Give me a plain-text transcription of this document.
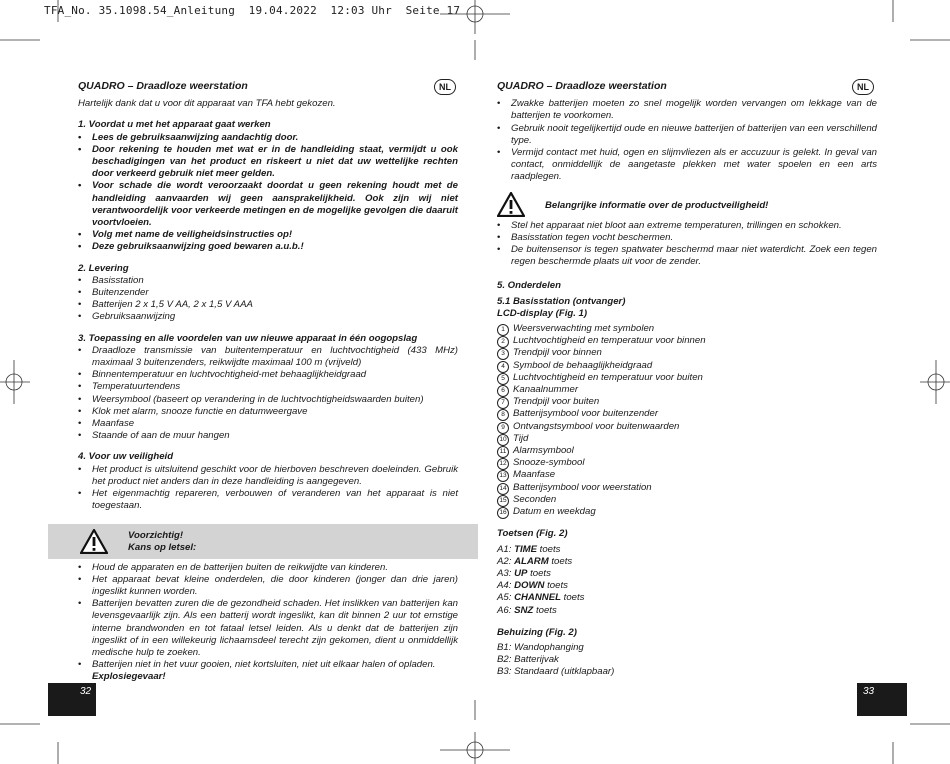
TFA_No. 35.1098.54_Anleitung  19.04.2022  12:03 Uhr  Seite 17
NL

QUADRO – Draadloze weerstation

Hartelijk dank dat u voor dit apparaat van TFA hebt gekozen.

1. Voordat u met het apparaat gaat werken

• Lees de gebruiksaanwijzing aandachtig door.
• Door rekening te houden met wat er in de handleiding staat, vermijdt u ook beschadigingen van het product en riskeert u niet dat uw wettelijke rechten door verkeerd gebruik niet meer gelden.
• Voor schade die wordt veroorzaakt doordat u geen rekening houdt met de handleiding aanvaarden wij geen aansprakelijkheid. Ook zijn wij niet verantwoordelijk voor verkeerde metingen en de mogelijke gevolgen die daaruit voortvloeien.
• Volg met name de veiligheidsinstructies op!
• Deze gebruiksaanwijzing goed bewaren a.u.b.!

2. Levering

• Basisstation
• Buitenzender
• Batterijen 2 x 1,5 V AA, 2 x 1,5 V AAA
• Gebruiksaanwijzing

3. Toepassing en alle voordelen van uw nieuwe apparaat in één oogopslag

• Draadloze transmissie van buitentemperatuur en luchtvochtigheid (433 MHz) maximaal 3 buitenzenders, reikwijdte maximaal 100 m (vrijveld)
• Binnentemperatuur en luchtvochtigheid-met behaaglijkheidgraad
• Temperatuurtendens
• Weersymbool (baseert op verandering in de luchtvochtigheidswaarden buiten)
• Klok met alarm, snooze functie en datumweergave
• Maanfase
• Staande of aan de muur hangen

4. Voor uw veiligheid

• Het product is uitsluitend geschikt voor de hierboven beschreven doeleinden. Gebruik het product niet anders dan in deze handleiding is aangegeven.
• Het eigenmachtig repareren, verbouwen of veranderen van het apparaat is niet toegestaan.
• Houd de apparaten en de batterijen buiten de reikwijdte van kinderen.
• Het apparaat bevat kleine onderdelen, die door kinderen (jonger dan drie jaren) ingeslikt kunnen worden.
• Batterijen bevatten zuren die de gezondheid schaden. Het inslikken van batterijen kan levensgevaarlijk zijn. Als een batterij wordt ingeslikt, kan dit binnen 2 uur tot ernstige interne brandwonden en tot fataal letsel leiden. Als u denkt dat de batterijen zijn ingeslikt of in een willekeurig lichaamsdeel terecht zijn gekomen, dient u onmiddellijk medische hulp te zoeken.
• Batterijen niet in het vuur gooien, niet kortsluiten, niet uit elkaar halen of opladen.

Explosiegevaar!

Voorzichtig!
Kans op letsel:
32
NL

QUADRO – Draadloze weerstation

• Zwakke batterijen moeten zo snel mogelijk worden vervangen om lekkage van de batterijen te voorkomen.
• Gebruik nooit tegelijkertijd oude en nieuwe batterijen of batterijen van een verschillend type.
• Vermijd contact met huid, ogen en slijmvliezen als er accuzuur is gelekt. In geval van contact, onmiddellijk de aangetaste plekken met water spoelen en een arts raadplegen.
Belangrijke informatie over de productveiligheid!
• Stel het apparaat niet bloot aan extreme temperaturen, trillingen en schokken.
• Basisstation tegen vocht beschermen.
• De buitensensor is tegen spatwater beschermd maar niet waterdicht. Zoek een tegen regen beschermde plaats uit voor de zender.

5. Onderdelen

5.1 Basisstation (ontvanger)

LCD-display (Fig. 1)

1 Weersverwachting met symbolen
2 Luchtvochtigheid en temperatuur voor binnen
3 Trendpijl voor binnen
4 Symbool de behaaglijkheidgraad
5 Luchtvochtigheid en temperatuur voor buiten
6 Kanaalnummer
7 Trendpijl voor buiten
8 Batterijsymbool voor buitenzender
9 Ontvangstsymbool voor buitenwaarden
10 Tijd
11 Alarmsymbool
12 Snooze-symbool
13 Maanfase
14 Batterijsymbool voor weerstation
15 Seconden
16 Datum en weekdag

Toetsen (Fig. 2)

A1: TIME toets
A2: ALARM toets
A3: UP toets
A4: DOWN toets
A5: CHANNEL toets
A6: SNZ toets

Behuizing (Fig. 2)

B1: Wandophanging
B2: Batterijvak
B3: Standaard (uitklapbaar)
33
